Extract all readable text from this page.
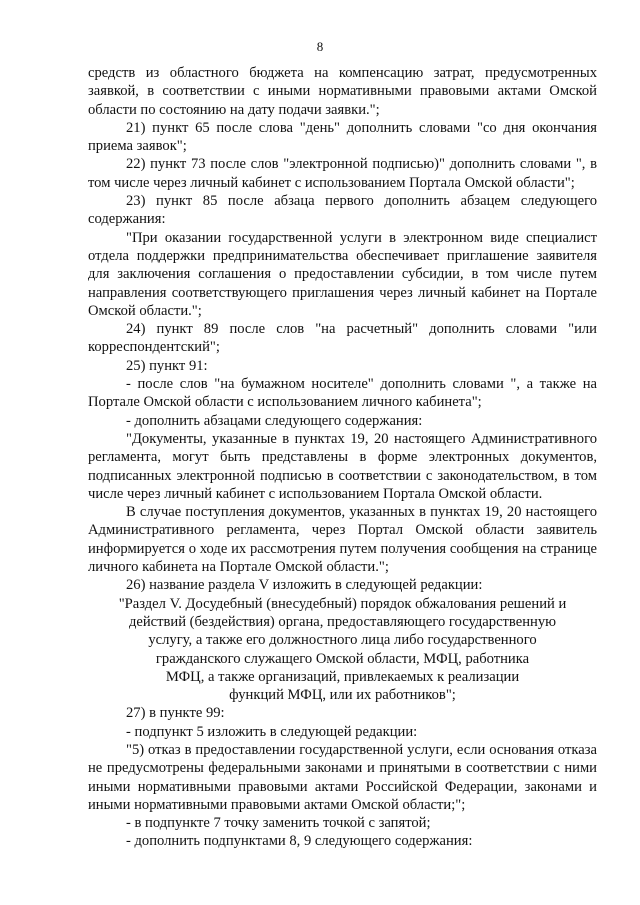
8

средств из областного бюджета на компенсацию затрат, предусмотренных заявкой, в соответствии с иными нормативными правовыми актами Омской области по состоянию на дату подачи заявки.";

21) пункт 65 после слова "день" дополнить словами "со дня окончания приема заявок";

22) пункт 73 после слов "электронной подписью)" дополнить словами ", в том числе через личный кабинет с использованием Портала Омской области";

23) пункт 85 после абзаца первого дополнить абзацем следующего содержания:

"При оказании государственной услуги в электронном виде специалист отдела поддержки предпринимательства обеспечивает приглашение заявителя для заключения соглашения о предоставлении субсидии, в том числе путем направления соответствующего приглашения через личный кабинет на Портале Омской области.";

24) пункт 89 после слов "на расчетный" дополнить словами "или корреспондентский";

25) пункт 91:

- после слов "на бумажном носителе" дополнить словами ", а также на Портале Омской области с использованием личного кабинета";

- дополнить абзацами следующего содержания:

"Документы, указанные в пунктах 19, 20 настоящего Административного регламента, могут быть представлены в форме электронных документов, подписанных электронной подписью в соответствии с законодательством, в том числе через личный кабинет с использованием Портала Омской области.

В случае поступления документов, указанных в пунктах 19, 20 настоящего Административного регламента, через Портал Омской области заявитель информируется о ходе их рассмотрения путем получения сообщения на странице личного кабинета на Портале Омской области.";

26) название раздела V изложить в следующей редакции:

"Раздел V. Досудебный (внесудебный) порядок обжалования решений и
действий (бездействия) органа, предоставляющего государственную
услугу, а также его должностного лица либо государственного
гражданского служащего Омской области, МФЦ, работника
МФЦ, а также организаций, привлекаемых к реализации
функций МФЦ, или их работников";

27) в пункте 99:

- подпункт 5 изложить в следующей редакции:

"5) отказ в предоставлении государственной услуги, если основания отказа не предусмотрены федеральными законами и принятыми в соответствии с ними иными нормативными правовыми актами Российской Федерации, законами и иными нормативными правовыми актами Омской области;";

- в подпункте 7 точку заменить точкой с запятой;

- дополнить подпунктами 8, 9 следующего содержания:
